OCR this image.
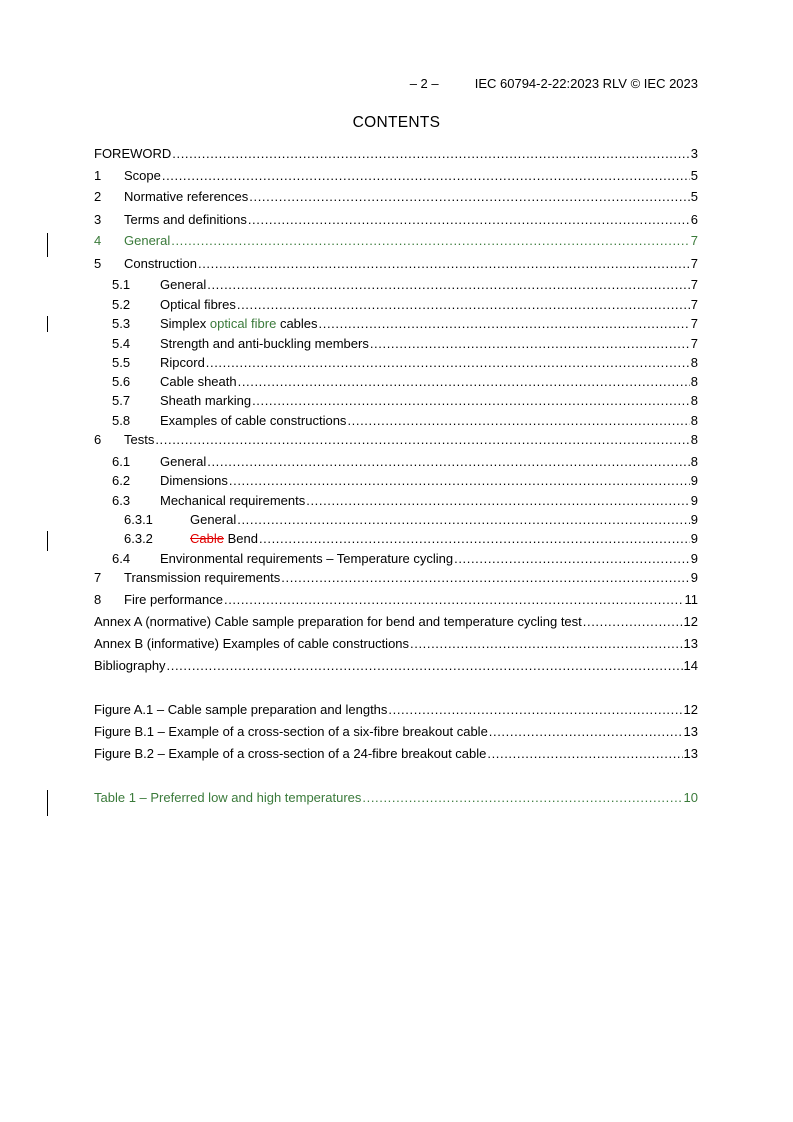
– 2 –	IEC 60794-2-22:2023 RLV © IEC 2023
CONTENTS
FOREWORD .....	3
1	Scope .....	5
2	Normative references .....	5
3	Terms and definitions .....	6
4	General .....	7
5	Construction .....	7
5.1	General .....	7
5.2	Optical fibres .....	7
5.3	Simplex optical fibre cables .....	7
5.4	Strength and anti-buckling members .....	7
5.5	Ripcord .....	8
5.6	Cable sheath .....	8
5.7	Sheath marking .....	8
5.8	Examples of cable constructions .....	8
6	Tests .....	8
6.1	General .....	8
6.2	Dimensions .....	9
6.3	Mechanical requirements .....	9
6.3.1	General .....	9
6.3.2	Cable Bend .....	9
6.4	Environmental requirements – Temperature cycling .....	9
7	Transmission requirements .....	9
8	Fire performance .....	11
Annex A (normative) Cable sample preparation for bend and temperature cycling test .....	12
Annex B (informative) Examples of cable constructions .....	13
Bibliography .....	14
Figure A.1 – Cable sample preparation and lengths .....	12
Figure B.1 – Example of a cross-section of a six-fibre breakout cable .....	13
Figure B.2 – Example of a cross-section of a 24-fibre breakout cable .....	13
Table 1 – Preferred low and high temperatures .....	10
